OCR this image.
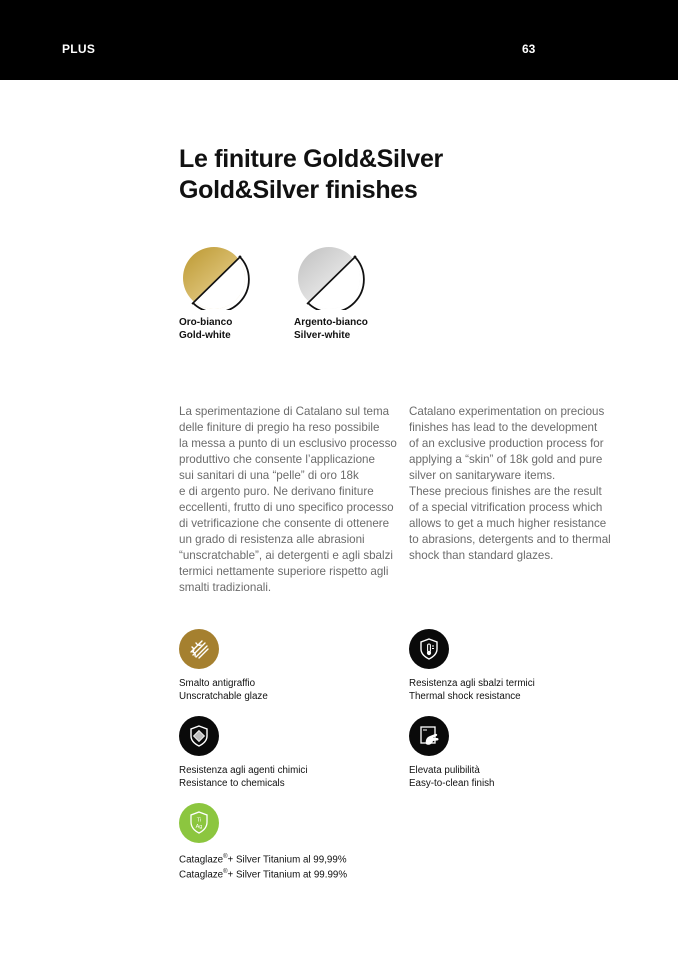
PLUS	63
Le finiture Gold&Silver
Gold&Silver finishes
Oro-bianco
Gold-white
Argento-bianco
Silver-white

La sperimentazione di Catalano sul tema

delle finiture di pregio ha reso possibile

la messa a punto di un esclusivo processo

produttivo che consente l’applicazione

sui sanitari di una “pelle” di oro 18k

e di argento puro. Ne derivano finiture

eccellenti, frutto di uno specifico processo

di vetrificazione che consente di ottenere

un grado di resistenza alle abrasioni

“unscratchable”, ai detergenti e agli sbalzi

termici nettamente superiore rispetto agli

smalti tradizionali.

Catalano experimentation on precious

finishes has lead to the development

of an exclusive production process for

applying a “skin” of 18k gold and pure

silver on sanitaryware items.

These precious finishes are the result

of a special vitrification process which

allows to get a much higher resistance

to abrasions, detergents and to thermal

shock than standard glazes.

Smalto antigraffio
Unscratchable glaze
Resistenza agli sbalzi termici
Thermal shock resistance
Resistenza agli agenti chimici
Resistance to chemicals
Elevata pulibilità
Easy-to-clean finish
Ti
Ag
Cataglaze®+ Silver Titanium al 99,99%
Cataglaze®+ Silver Titanium at 99.99%
